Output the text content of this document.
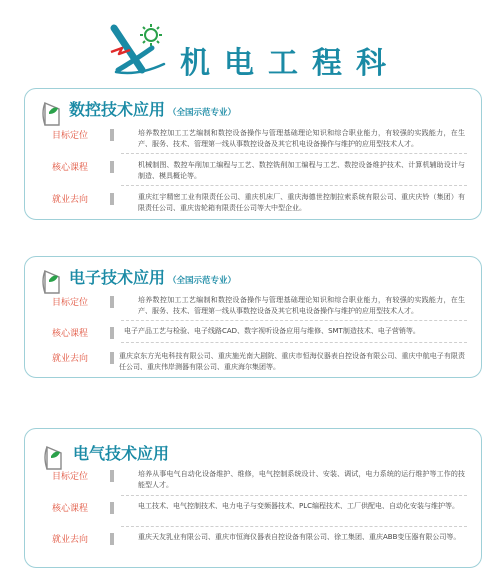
机电工程科
数控技术应用 （全国示范专业）
目标定位	培养数控加工工艺编制和数控设备操作与管理基础理论知识和综合职业能力，有较强的实践能力，在生产、服务、技术、管理第一线从事数控设备及其它机电设备操作与维护的应用型技术人才。

核心课程	机械制图、数控车削加工编程与工艺、数控铣削加工编程与工艺、数控设备维护技术、计算机辅助设计与制造、模具概论等。

就业去向	重庆红宇精密工业有限责任公司、重庆机床厂、重庆海德世控制拉索系统有限公司、重庆庆铃（集团）有限责任公司、重庆齿轮箱有限责任公司等大中型企业。

电子技术应用 （全国示范专业）
目标定位	培养数控加工工艺编制和数控设备操作与管理基础理论知识和综合职业能力，有较强的实践能力，在生产、服务、技术、管理第一线从事数控设备及其它机电设备操作与维护的应用型技术人才。

核心课程	电子产品工艺与检验、电子线路CAD、数字视听设备应用与维修、SMT制造技术、电子营销等。

就业去向	重庆京东方光电科技有限公司、重庆施光南大剧院、重庆市恒海仪器表自控设备有限公司、重庆中航电子有限责任公司、重庆伟岸测器有限公司、重庆海尔集团等。

电气技术应用
目标定位	培养从事电气自动化设备维护、维修，电气控制系统设计、安装、调试，电力系统的运行维护等工作的技能型人才。

核心课程	电工技术、电气控制技术、电力电子与变频器技术、PLC编程技术、工厂供配电、自动化安装与维护等。

就业去向	重庆天友乳业有限公司、重庆市恒海仪器表自控设备有限公司、徐工集团、重庆ABB变压器有限公司等。
